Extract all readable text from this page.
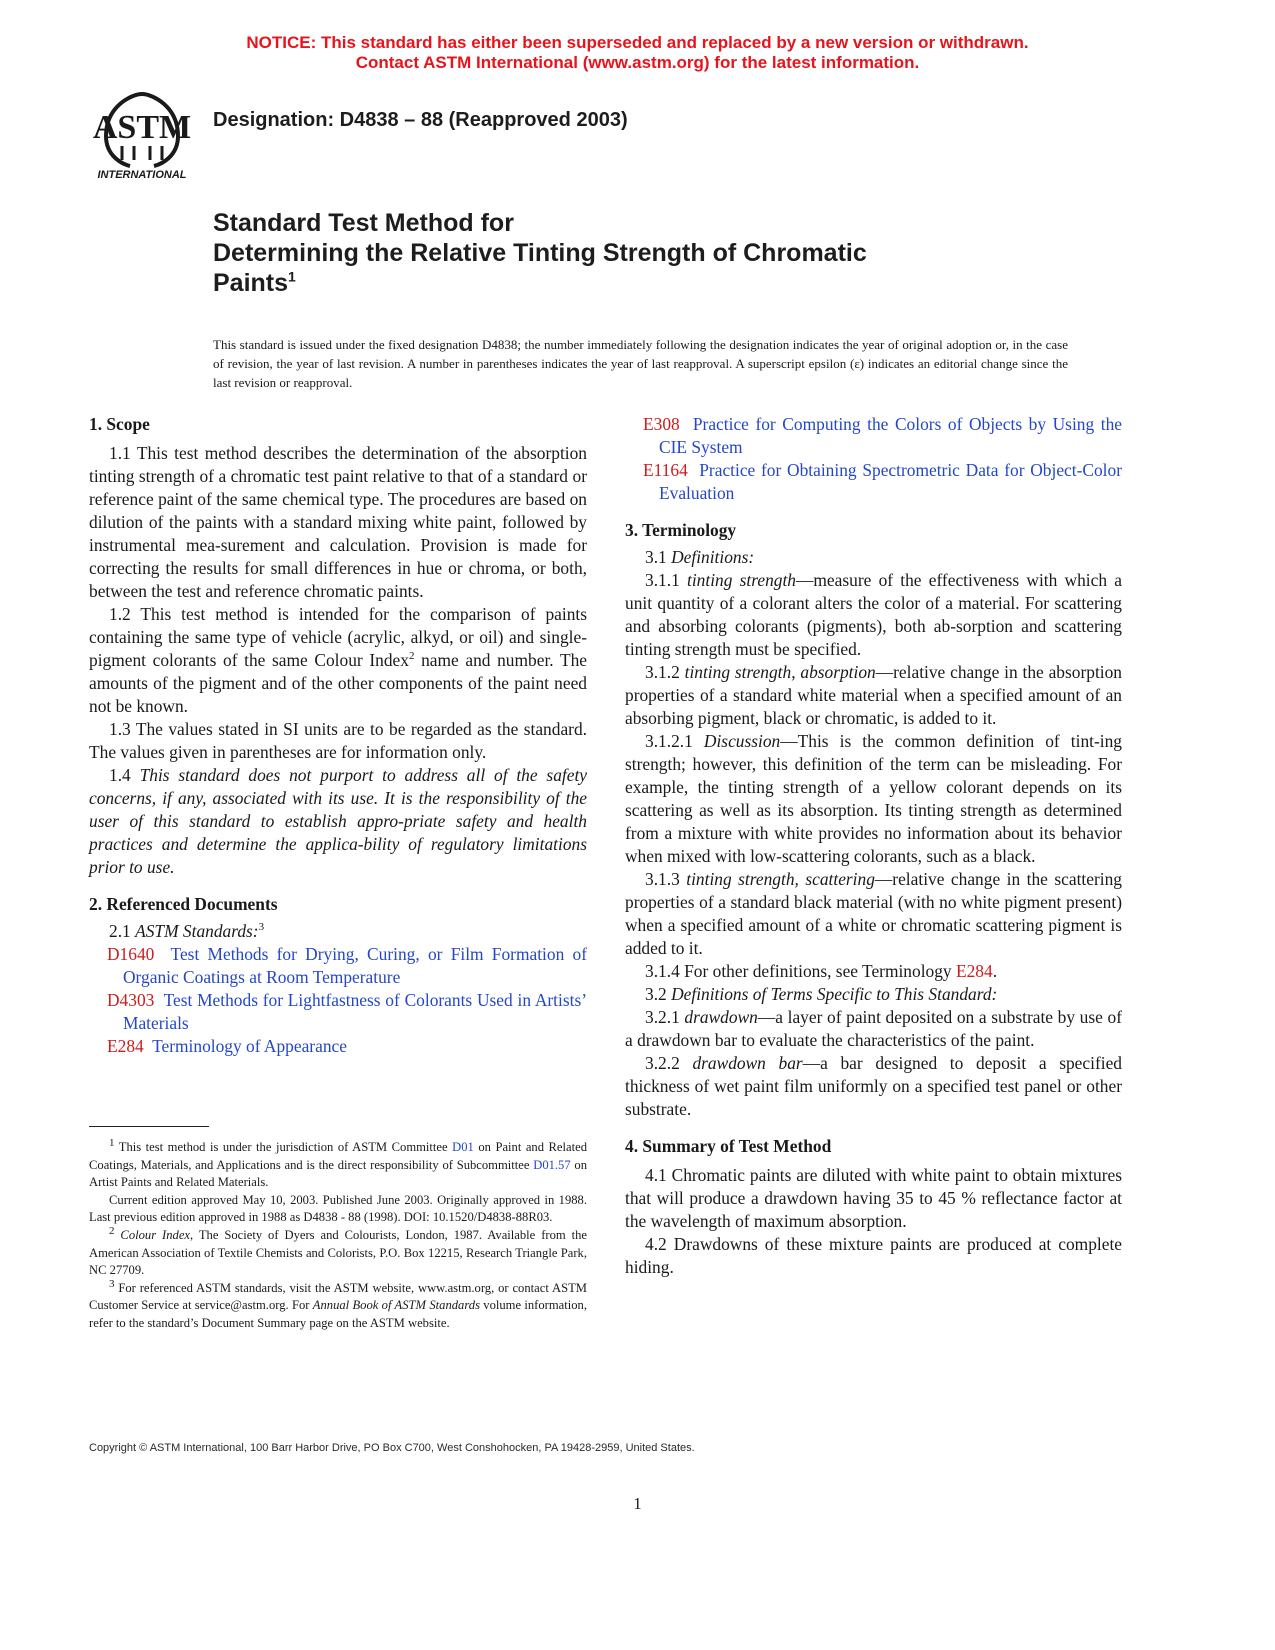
NOTICE: This standard has either been superseded and replaced by a new version or withdrawn.
Contact ASTM International (www.astm.org) for the latest information.
ASTM
INTERNATIONAL
Designation: D4838 – 88 (Reapproved 2003)
Standard Test Method for
Determining the Relative Tinting Strength of Chromatic
Paints$^1$
This standard is issued under the fixed designation D4838; the number immediately following the designation indicates the year of original adoption or, in the case of revision, the year of last revision. A number in parentheses indicates the year of last reapproval. A superscript epsilon (ε) indicates an editorial change since the last revision or reapproval.
1. Scope

1.1 This test method describes the determination of the absorption tinting strength of a chromatic test paint relative to that of a standard or reference paint of the same chemical type. The procedures are based on dilution of the paints with a standard mixing white paint, followed by instrumental mea-surement and calculation. Provision is made for correcting the results for small differences in hue or chroma, or both, between the test and reference chromatic paints.

1.2 This test method is intended for the comparison of paints containing the same type of vehicle (acrylic, alkyd, or oil) and single-pigment colorants of the same Colour Index$^2$ name and number. The amounts of the pigment and of the other components of the paint need not be known.

1.3 The values stated in SI units are to be regarded as the standard. The values given in parentheses are for information only.

1.4 This standard does not purport to address all of the safety concerns, if any, associated with its use. It is the responsibility of the user of this standard to establish appro-priate safety and health practices and determine the applica-bility of regulatory limitations prior to use.

2. Referenced Documents

2.1 ASTM Standards:$^3$

D1640 Test Methods for Drying, Curing, or Film Formation of Organic Coatings at Room Temperature

D4303 Test Methods for Lightfastness of Colorants Used in Artists’ Materials

E284 Terminology of Appearance

$^1$ This test method is under the jurisdiction of ASTM Committee D01 on Paint and Related Coatings, Materials, and Applications and is the direct responsibility of Subcommittee D01.57 on Artist Paints and Related Materials.

Current edition approved May 10, 2003. Published June 2003. Originally approved in 1988. Last previous edition approved in 1988 as D4838 - 88 (1998). DOI: 10.1520/D4838-88R03.

$^2$ Colour Index, The Society of Dyers and Colourists, London, 1987. Available from the American Association of Textile Chemists and Colorists, P.O. Box 12215, Research Triangle Park, NC 27709.

$^3$ For referenced ASTM standards, visit the ASTM website, www.astm.org, or contact ASTM Customer Service at service@astm.org. For Annual Book of ASTM Standards volume information, refer to the standard’s Document Summary page on the ASTM website.

E308 Practice for Computing the Colors of Objects by Using the CIE System

E1164 Practice for Obtaining Spectrometric Data for Object-Color Evaluation

3. Terminology

3.1 Definitions:

3.1.1 tinting strength—measure of the effectiveness with which a unit quantity of a colorant alters the color of a material. For scattering and absorbing colorants (pigments), both ab-sorption and scattering tinting strength must be specified.

3.1.2 tinting strength, absorption—relative change in the absorption properties of a standard white material when a specified amount of an absorbing pigment, black or chromatic, is added to it.

3.1.2.1 Discussion—This is the common definition of tint-ing strength; however, this definition of the term can be misleading. For example, the tinting strength of a yellow colorant depends on its scattering as well as its absorption. Its tinting strength as determined from a mixture with white provides no information about its behavior when mixed with low-scattering colorants, such as a black.

3.1.3 tinting strength, scattering—relative change in the scattering properties of a standard black material (with no white pigment present) when a specified amount of a white or chromatic scattering pigment is added to it.

3.1.4 For other definitions, see Terminology E284.

3.2 Definitions of Terms Specific to This Standard:

3.2.1 drawdown—a layer of paint deposited on a substrate by use of a drawdown bar to evaluate the characteristics of the paint.

3.2.2 drawdown bar—a bar designed to deposit a specified thickness of wet paint film uniformly on a specified test panel or other substrate.

4. Summary of Test Method

4.1 Chromatic paints are diluted with white paint to obtain mixtures that will produce a drawdown having 35 to 45 % reflectance factor at the wavelength of maximum absorption.

4.2 Drawdowns of these mixture paints are produced at complete hiding.

Copyright © ASTM International, 100 Barr Harbor Drive, PO Box C700, West Conshohocken, PA 19428-2959, United States.
1
